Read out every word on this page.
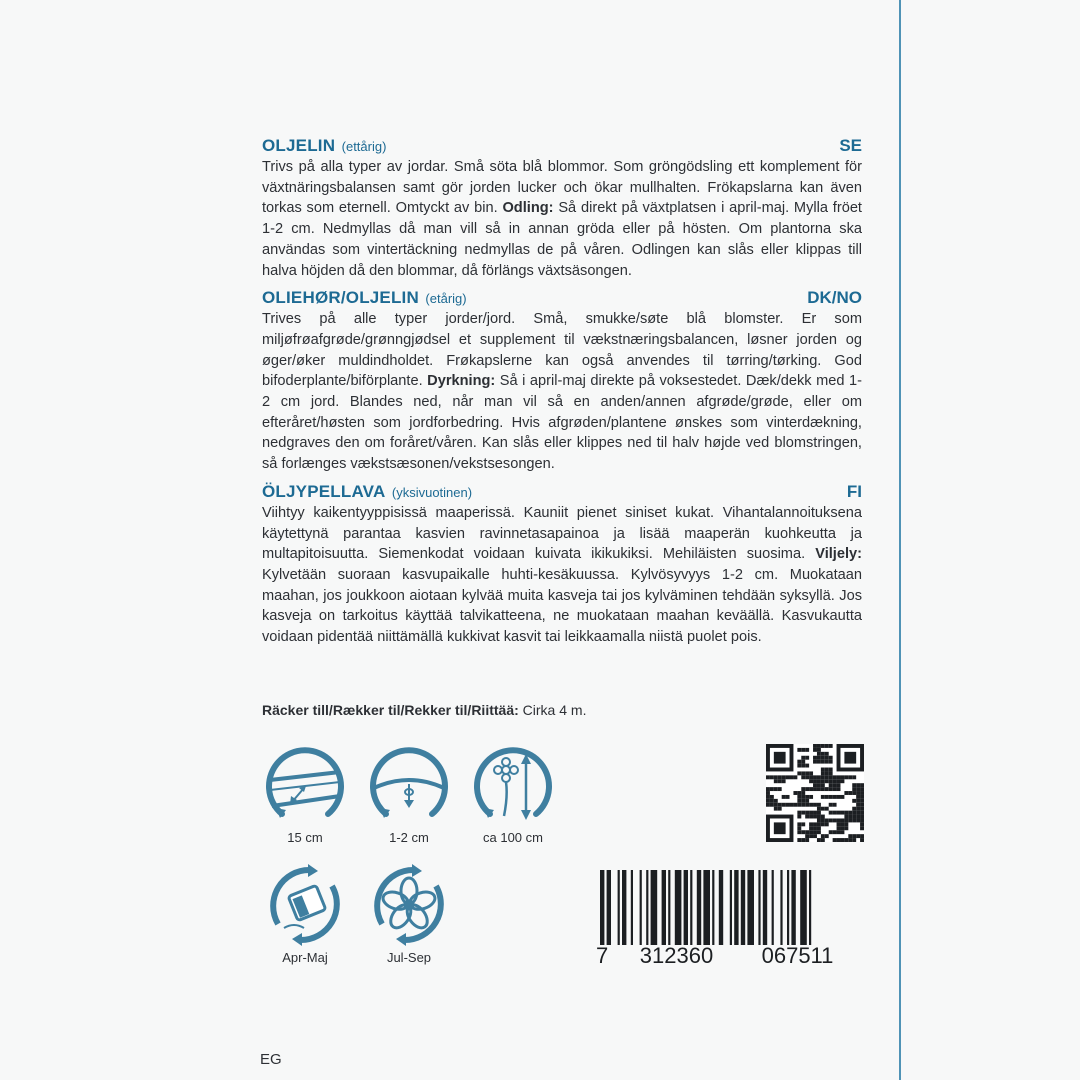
OLJELIN (ettårig)	SE
Trivs på alla typer av jordar. Små söta blå blommor. Som gröngödsling ett komplement för växtnäringsbalansen samt gör jorden lucker och ökar mullhalten. Frökapslarna kan även torkas som eternell. Omtyckt av bin. Odling: Så direkt på växtplatsen i april-maj. Mylla fröet 1-2 cm. Nedmyllas då man vill så in annan gröda eller på hösten. Om plantorna ska användas som vintertäckning nedmyllas de på våren. Odlingen kan slås eller klippas till halva höjden då den blommar, då förlängs växtsäsongen.
OLIEHØR/OLJELIN (etårig)	DK/NO
Trives på alle typer jorder/jord. Små, smukke/søte blå blomster. Er som miljøfrøafgrøde/grønngjødsel et supplement til vækstnæringsbalancen, løsner jorden og øger/øker muldindholdet. Frøkapslerne kan også anvendes til tørring/tørking. God bifoderplante/biförplante. Dyrkning: Så i april-maj direkte på voksestedet. Dæk/dekk med 1-2 cm jord. Blandes ned, når man vil så en anden/annen afgrøde/grøde, eller om efteråret/høsten som jordforbedring. Hvis afgrøden/plantene ønskes som vinterdækning, nedgraves den om foråret/våren. Kan slås eller klippes ned til halv højde ved blomstringen, så forlænges vækstsæsonen/vekstsesongen.
ÖLJYPELLAVA (yksivuotinen)	FI
Viihtyy kaikentyyppisissä maaperissä. Kauniit pienet siniset kukat. Vihantalannoituksena käytettynä parantaa kasvien ravinnetasapainoa ja lisää maaperän kuohkeutta ja multapitoisuutta. Siemenkodat voidaan kuivata ikikukiksi. Mehiläisten suosima. Viljely: Kylvetään suoraan kasvupaikalle huhti-kesäkuussa. Kylvösyvyys 1-2 cm. Muokataan maahan, jos joukkoon aiotaan kylvää muita kasveja tai jos kylväminen tehdään syksyllä. Jos kasveja on tarkoitus käyttää talvikatteena, ne muokataan maahan keväällä. Kasvukautta voidaan pidentää niittämällä kukkivat kasvit tai leikkaamalla niistä puolet pois.
Räcker till/Rækker til/Rekker til/Riittää: Cirka 4 m.
15 cm	1-2 cm	ca 100 cm
Apr-Maj	Jul-Sep	7	312360	067511
EG
